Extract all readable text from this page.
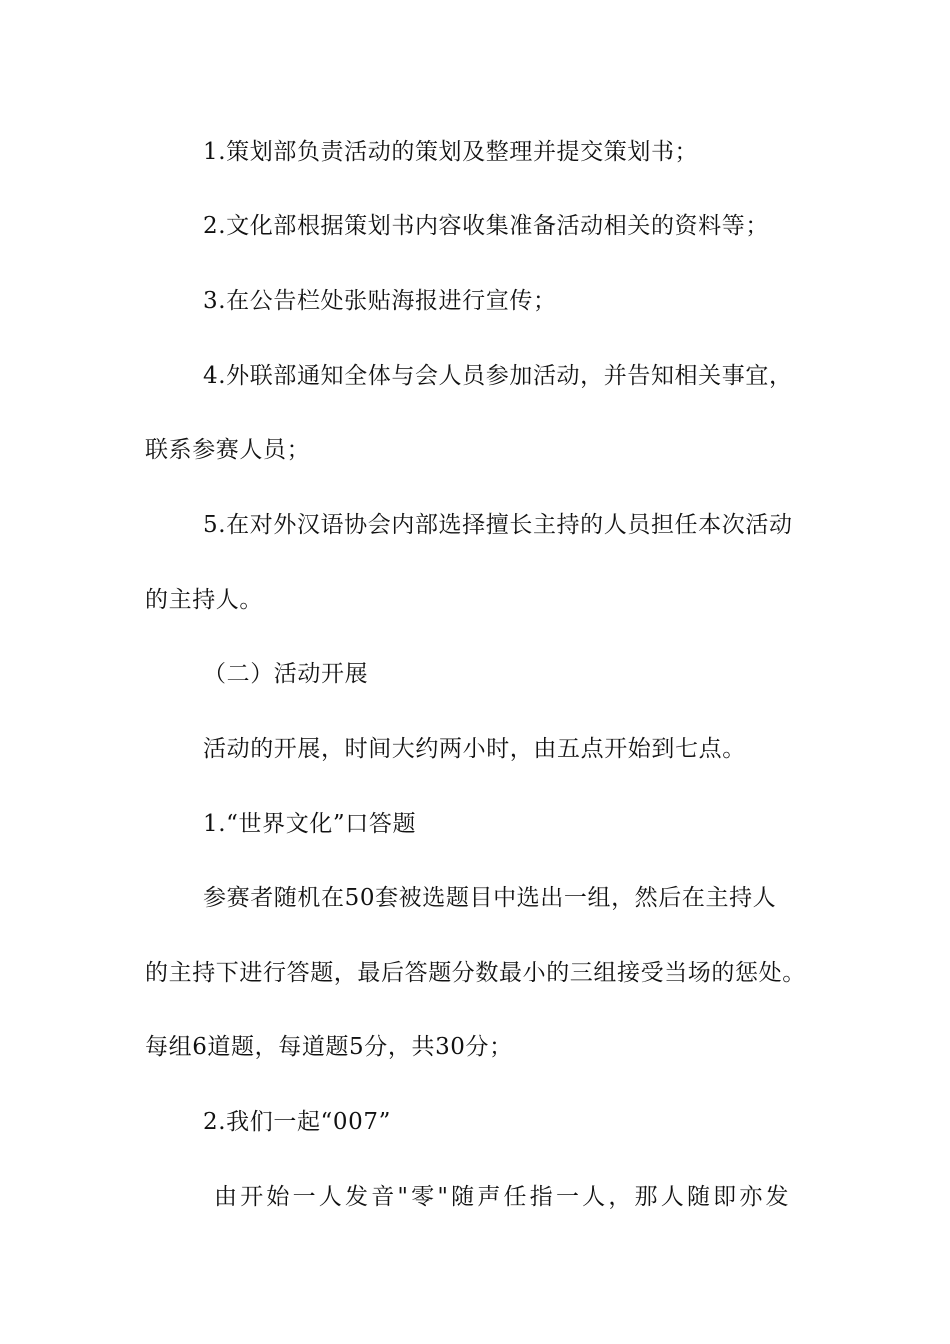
1.策划部负责活动的策划及整理并提交策划书；
2.文化部根据策划书内容收集准备活动相关的资料等；
3.在公告栏处张贴海报进行宣传；
4.外联部通知全体与会人员参加活动，并告知相关事宜，
联系参赛人员；
5.在对外汉语协会内部选择擅长主持的人员担任本次活动
的主持人。
（二）活动开展
活动的开展，时间大约两小时，由五点开始到七点。
1.“世界文化”口答题
参赛者随机在50套被选题目中选出一组，然后在主持人
的主持下进行答题，最后答题分数最小的三组接受当场的惩处。
每组6道题，每道题5分，共30分；
2.我们一起“007”
由开始一人发音"零"随声任指一人，那人随即亦发
